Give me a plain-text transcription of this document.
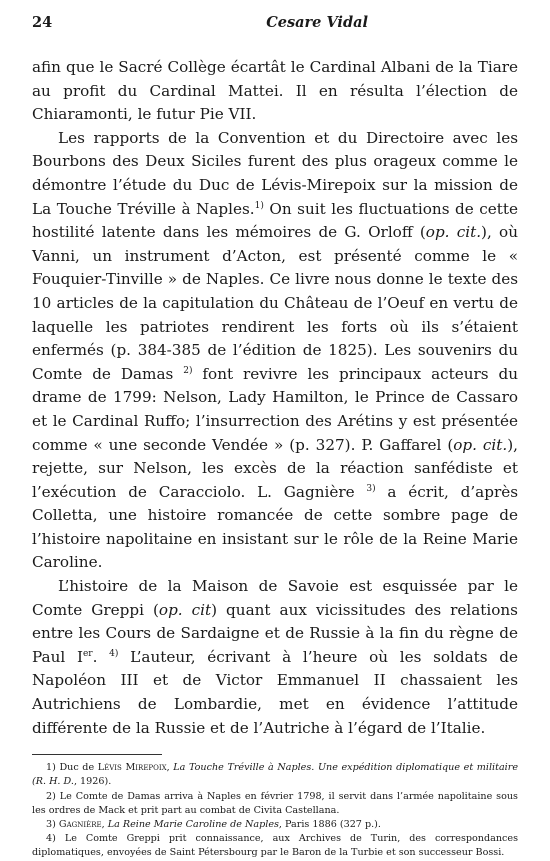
24	Cesare Vidal

afin que le Sacré Collège écartât le Cardinal Albani de la Tiare au profit du Cardinal Mattei. Il en résulta l’élection de Chiaramonti, le futur Pie VII.

Les rapports de la Convention et du Directoire avec les Bourbons des Deux Siciles furent des plus orageux comme le démontre l’étude du Duc de Lévis-Mirepoix sur la mission de La Touche Tréville à Naples.$^{1)}$ On suit les fluctuations de cette hostilité latente dans les mémoires de G. Orloff (op. cit.), où Vanni, un instrument d’Acton, est présenté comme le « Fouquier-Tinville » de Naples. Ce livre nous donne le texte des 10 articles de la capitulation du Château de l’Oeuf en vertu de laquelle les patriotes rendirent les forts où ils s’étaient enfermés (p. 384-385 de l’édition de 1825). Les souvenirs du Comte de Damas $^{2)}$ font revivre les principaux acteurs du drame de 1799: Nelson, Lady Hamilton, le Prince de Cassaro et le Cardinal Ruffo; l’insurrection des Arétins y est présentée comme « une seconde Vendée » (p. 327). P. Gaffarel (op. cit.), rejette, sur Nelson, les excès de la réaction sanfédiste et l’exécution de Caracciolo. L. Gagnière $^{3)}$ a écrit, d’après Colletta, une histoire romancée de cette sombre page de l’histoire napolitaine en insistant sur le rôle de la Reine Marie Caroline.

L’histoire de la Maison de Savoie est esquissée par le Comte Greppi (op. cit) quant aux vicissitudes des relations entre les Cours de Sardaigne et de Russie à la fin du règne de Paul Ier. $^{4)}$ L’auteur, écrivant à l’heure où les soldats de Napoléon III et de Victor Emmanuel II chassaient les Autrichiens de Lombardie, met en évidence l’attitude différente de la Russie et de l’Autriche à l’égard de l’Italie.

1) Duc de Lévis Mirepoix, La Touche Tréville à Naples. Une expédition diplomatique et militaire (R. H. D., 1926).

2) Le Comte de Damas arriva à Naples en février 1798, il servit dans l’armée napolitaine sous les ordres de Mack et prit part au combat de Civita Castellana.

3) Gagnière, La Reine Marie Caroline de Naples, Paris 1886 (327 p.).

4) Le Comte Greppi prit connaissance, aux Archives de Turin, des correspondances diplomatiques, envoyées de Saint Pétersbourg par le Baron de la Turbie et son successeur Bossi.
